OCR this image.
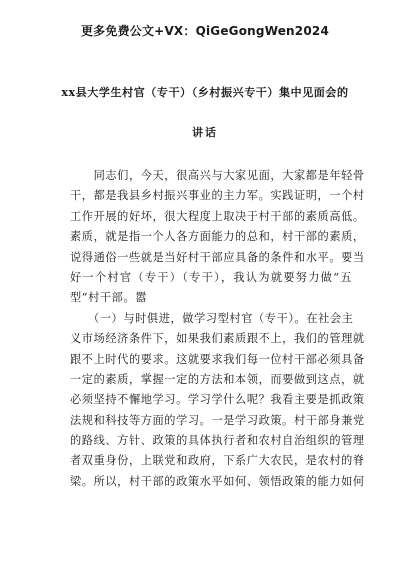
更多免费公文+VX：QiGeGongWen2024
xx县大学生村官（专干）（乡村振兴专干）集中见面会的
讲话
　　同志们，今天，很高兴与大家见面，大家都是年轻骨
干，都是我县乡村振兴事业的主力军。实践证明，一个村
工作开展的好坏，很大程度上取决于村干部的素质高低。
素质，就是指一个人各方面能力的总和，村干部的素质，
说得通俗一些就是当好村干部应具备的条件和水平。要当
好一个村官（专干）（专干），我认为就要努力做“五
型”村干部。嚣
　　（一）与时俱进，做学习型村官（专干）。在社会主
义市场经济条件下，如果我们素质跟不上，我们的管理就
跟不上时代的要求。这就要求我们每一位村干部必须具备
一定的素质，掌握一定的方法和本领，而要做到这点，就
必须坚持不懈地学习。学习学什么呢？我看主要是抓政策
法规和科技等方面的学习。一是学习政策。村干部身兼党
的路线、方针、政策的具体执行者和农村自治组织的管理
者双重身份，上联党和政府，下系广大农民，是农村的脊
梁。所以，村干部的政策水平如何、领悟政策的能力如何
